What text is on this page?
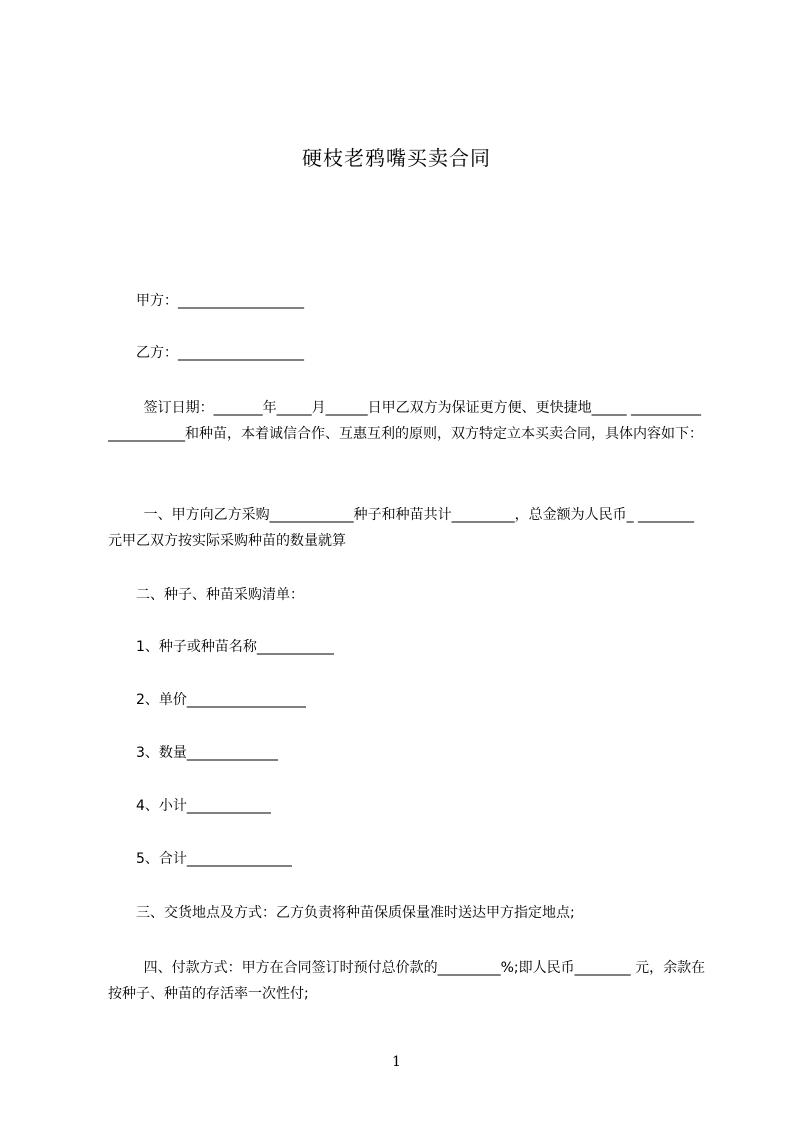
硬枝老鸦嘴买卖合同
甲方：__________________
乙方：__________________
签订日期：_______年_____月______日甲乙双方为保证更方便、更快捷地_____ _____________________和种苗，本着诚信合作、互惠互利的原则，双方特定立本买卖合同，具体内容如下：
一、甲方向乙方采购____________种子和种苗共计_________，总金额为人民币_ ________元甲乙双方按实际采购种苗的数量就算
二、种子、种苗采购清单：
1、种子或种苗名称___________
2、单价_________________
3、数量_____________
4、小计____________
5、合计_______________
三、交货地点及方式：乙方负责将种苗保质保量准时送达甲方指定地点;
四、付款方式：甲方在合同签订时预付总价款的_________%;即人民币________ 元，余款在按种子、种苗的存活率一次性付;
1
